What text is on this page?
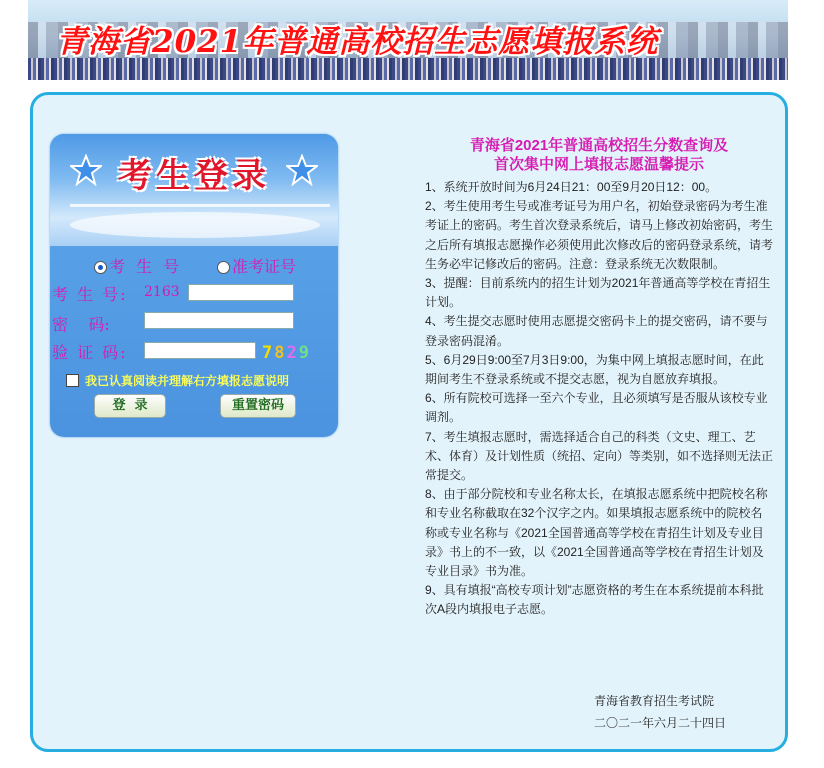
青海省2021年普通高校招生志愿填报系统
考生登录
考 生 号	准考证号
考 生 号: 2163
密    码:
验 证 码:	7829
我已认真阅读并理解右方填报志愿说明
登  录	重置密码
青海省2021年普通高校招生分数查询及
首次集中网上填报志愿温馨提示

1、系统开放时间为6月24日21：00至9月20日12：00。

2、考生使用考生号或准考证号为用户名，初始登录密码为考生准考证上的密码。考生首次登录系统后，请马上修改初始密码，考生之后所有填报志愿操作必须使用此次修改后的密码登录系统，请考生务必牢记修改后的密码。注意：登录系统无次数限制。

3、提醒：目前系统内的招生计划为2021年普通高等学校在青招生计划。

4、考生提交志愿时使用志愿提交密码卡上的提交密码，请不要与登录密码混淆。

5、6月29日9:00至7月3日9:00，为集中网上填报志愿时间，在此期间考生不登录系统或不提交志愿，视为自愿放弃填报。

6、所有院校可选择一至六个专业，且必须填写是否服从该校专业调剂。

7、考生填报志愿时，需选择适合自己的科类（文史、理工、艺术、体育）及计划性质（统招、定向）等类别，如不选择则无法正常提交。

8、由于部分院校和专业名称太长，在填报志愿系统中把院校名称和专业名称截取在32个汉字之内。如果填报志愿系统中的院校名称或专业名称与《2021全国普通高等学校在青招生计划及专业目录》书上的不一致，以《2021全国普通高等学校在青招生计划及专业目录》书为准。

9、具有填报“高校专项计划”志愿资格的考生在本系统提前本科批次A段内填报电子志愿。

青海省教育招生考试院
二〇二一年六月二十四日
